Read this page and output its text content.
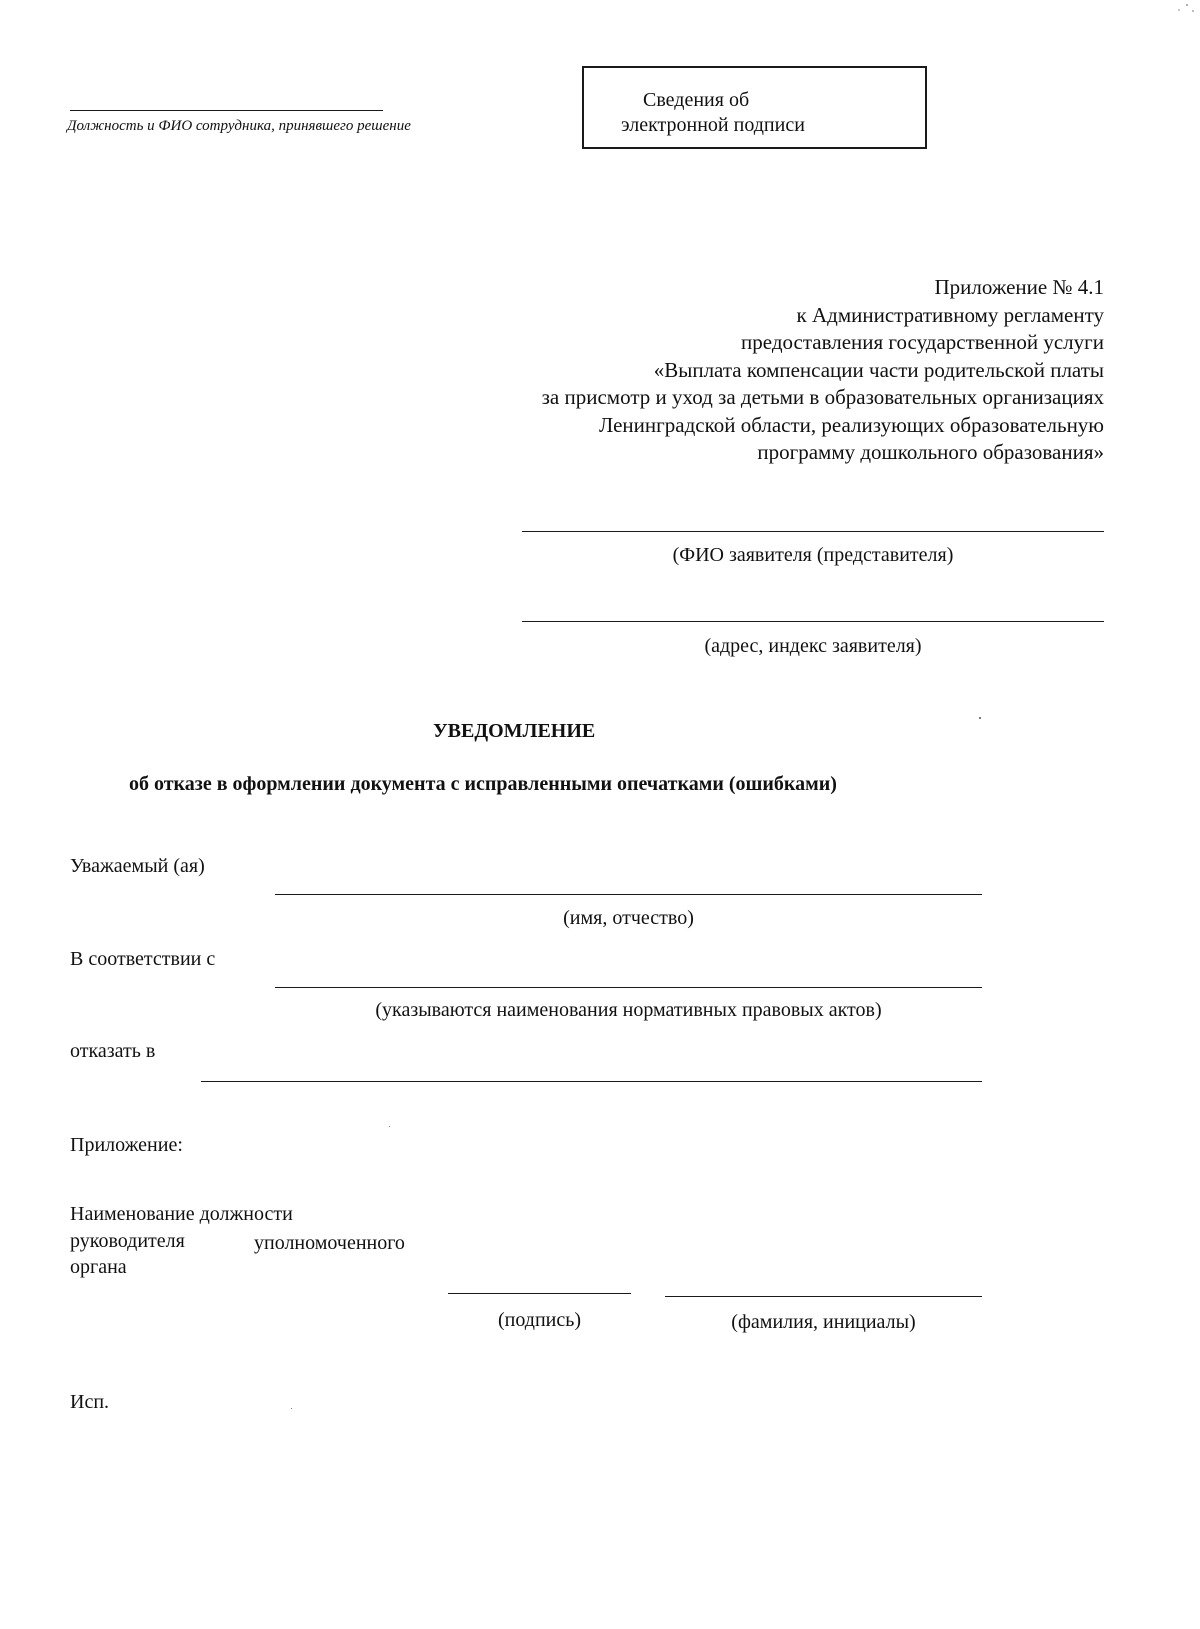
Должность и ФИО сотрудника, принявшего решение
Сведения об
электронной подписи
Приложение № 4.1
к Административному регламенту
предоставления государственной услуги
«Выплата компенсации части родительской платы
за присмотр и уход за детьми в образовательных организациях
Ленинградской области, реализующих образовательную
программу дошкольного образования»
(ФИО заявителя (представителя)
(адрес, индекс заявителя)
УВЕДОМЛЕНИЕ
об отказе в оформлении документа с исправленными опечатками (ошибками)
Уважаемый (ая)
(имя, отчество)
В соответствии с
(указываются наименования нормативных правовых актов)
отказать в
Приложение:
Наименование должности
руководителя	уполномоченного
органа
(подпись)	(фамилия, инициалы)
Исп.
